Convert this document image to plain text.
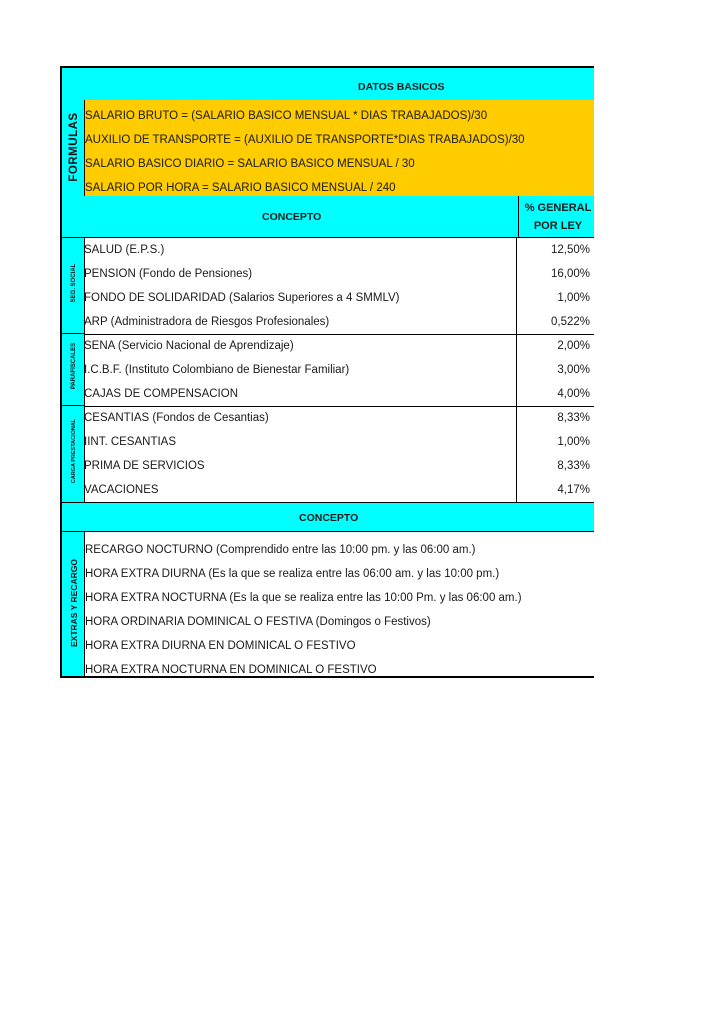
DATOS BASICOS
FORMULAS SALARIO BRUTO = (SALARIO BASICO MENSUAL * DIAS TRABAJADOS)/30
AUXILIO DE TRANSPORTE = (AUXILIO DE TRANSPORTE*DIAS TRABAJADOS)/30
SALARIO BASICO DIARIO = SALARIO BASICO MENSUAL / 30
SALARIO POR HORA = SALARIO BASICO MENSUAL / 240
CONCEPTO
% GENERAL
POR LEY
SEG. SOCIAL
SALUD (E.P.S.)	12,50%
PENSION (Fondo de Pensiones)	16,00%
FONDO DE SOLIDARIDAD (Salarios Superiores a 4 SMMLV)	1,00%
ARP (Administradora de Riesgos Profesionales)	0,522%
PARAFISCALES SENA (Servicio Nacional de Aprendizaje)	2,00%
I.C.B.F. (Instituto Colombiano de Bienestar Familiar)	3,00%
CAJAS DE COMPENSACION	4,00%
CARGA PRESTACIONAL
CESANTIAS (Fondos de Cesantias)	8,33%
IINT. CESANTIAS	1,00%
PRIMA DE SERVICIOS	8,33%
VACACIONES	4,17%
CONCEPTO
EXTRAS Y RECARGO
RECARGO NOCTURNO (Comprendido entre las 10:00 pm. y las 06:00 am.)
HORA EXTRA DIURNA (Es la que se realiza entre las 06:00 am. y las 10:00 pm.)
HORA EXTRA NOCTURNA (Es la que se realiza entre las 10:00 Pm. y las 06:00 am.)
HORA ORDINARIA DOMINICAL O FESTIVA (Domingos o Festivos)
HORA EXTRA DIURNA EN DOMINICAL O FESTIVO
HORA EXTRA NOCTURNA EN DOMINICAL O FESTIVO
